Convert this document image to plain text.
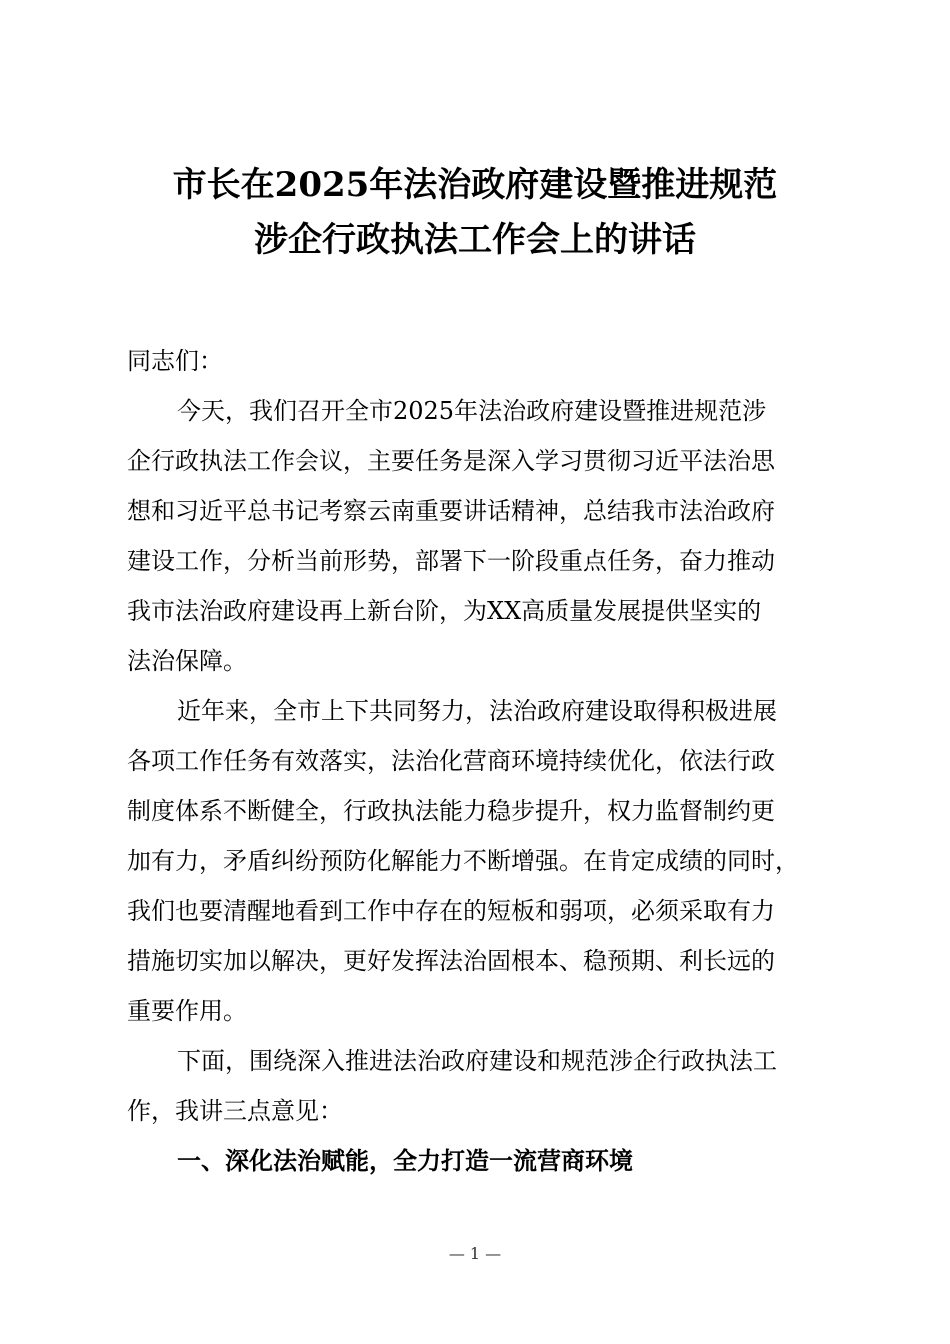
市长在2025年法治政府建设暨推进规范
涉企行政执法工作会上的讲话
同志们：
今天，我们召开全市2025年法治政府建设暨推进规范涉
企行政执法工作会议，主要任务是深入学习贯彻习近平法治思
想和习近平总书记考察云南重要讲话精神，总结我市法治政府
建设工作，分析当前形势，部署下一阶段重点任务，奋力推动
我市法治政府建设再上新台阶，为XX高质量发展提供坚实的
法治保障。
近年来，全市上下共同努力，法治政府建设取得积极进展
各项工作任务有效落实，法治化营商环境持续优化，依法行政
制度体系不断健全，行政执法能力稳步提升，权力监督制约更
加有力，矛盾纠纷预防化解能力不断增强。在肯定成绩的同时，
我们也要清醒地看到工作中存在的短板和弱项，必须采取有力
措施切实加以解决，更好发挥法治固根本、稳预期、利长远的
重要作用。
下面，围绕深入推进法治政府建设和规范涉企行政执法工
作，我讲三点意见：
一、深化法治赋能，全力打造一流营商环境
— 1 —
